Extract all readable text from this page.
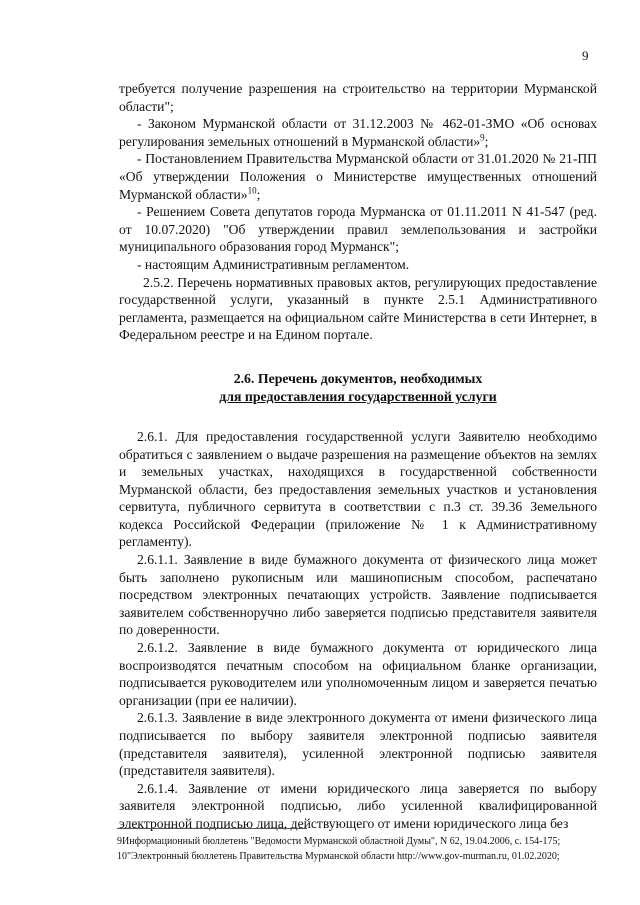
9

требуется получение разрешения на строительство на территории Мурманской области";

- Законом Мурманской области от 31.12.2003 № 462-01-ЗМО «Об основах регулирования земельных отношений в Мурманской области»$^9$;

- Постановлением Правительства Мурманской области от 31.01.2020 № 21-ПП «Об утверждении Положения о Министерстве имущественных отношений Мурманской области»$^{10}$;

- Решением Совета депутатов города Мурманска от 01.11.2011 N 41-547 (ред. от 10.07.2020) "Об утверждении правил землепользования и застройки муниципального образования город Мурманск";

- настоящим Административным регламентом.

2.5.2. Перечень нормативных правовых актов, регулирующих предоставление государственной услуги, указанный в пункте 2.5.1 Административного регламента, размещается на официальном сайте Министерства в сети Интернет, в Федеральном реестре и на Едином портале.

2.6. Перечень документов, необходимых
для предоставления государственной услуги

2.6.1. Для предоставления государственной услуги Заявителю необходимо обратиться с заявлением о выдаче разрешения на размещение объектов на землях и земельных участках, находящихся в государственной собственности Мурманской области, без предоставления земельных участков и установления сервитута, публичного сервитута в соответствии с п.3 ст. 39.36 Земельного кодекса Российской Федерации (приложение № 1 к Административному регламенту).

2.6.1.1. Заявление в виде бумажного документа от физического лица может быть заполнено рукописным или машинописным способом, распечатано посредством электронных печатающих устройств. Заявление подписывается заявителем собственноручно либо заверяется подписью представителя заявителя по доверенности.

2.6.1.2. Заявление в виде бумажного документа от юридического лица воспроизводятся печатным способом на официальном бланке организации, подписывается руководителем или уполномоченным лицом и заверяется печатью организации (при ее наличии).

2.6.1.3. Заявление в виде электронного документа от имени физического лица подписывается по выбору заявителя электронной подписью заявителя (представителя заявителя), усиленной электронной подписью заявителя (представителя заявителя).

2.6.1.4. Заявление от имени юридического лица заверяется по выбору заявителя электронной подписью, либо усиленной квалифицированной электронной подписью лица, действующего от имени юридического лица без

9Информационный бюллетень "Ведомости Мурманской областной Думы", N 62, 19.04.2006, с. 154-175;
10"Электронный бюллетень Правительства Мурманской области http://www.gov-murman.ru, 01.02.2020;
